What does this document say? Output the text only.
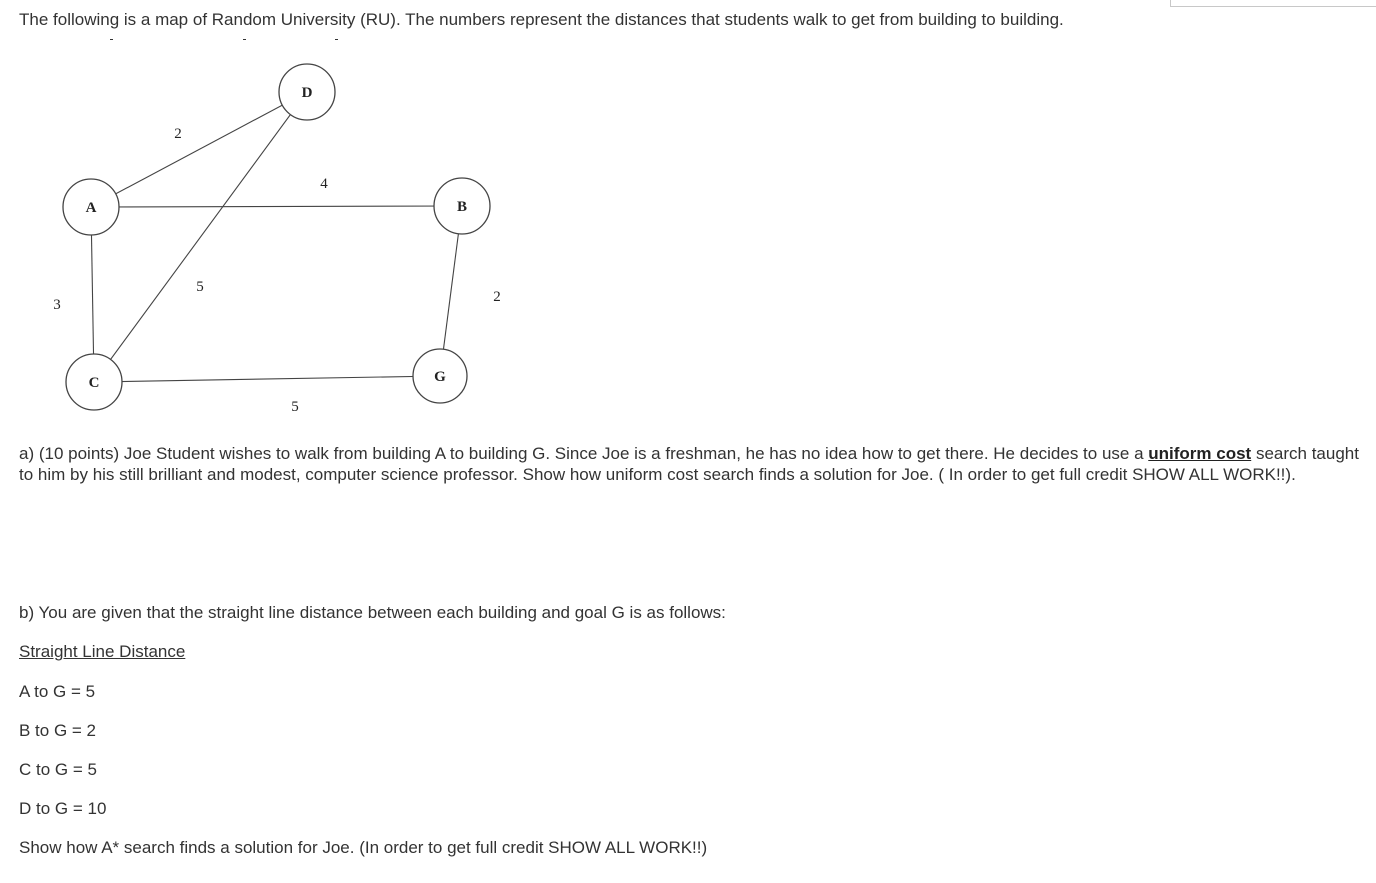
The following is a map of Random University (RU). The numbers represent the distances that students walk to get from building to building.
2
4
3
5
5
2
A	B
C
D
G
a) (10 points) Joe Student wishes to walk from building A to building G. Since Joe is a freshman, he has no idea how to get there. He decides to use a uniform cost search taught to him by his still brilliant and modest, computer science professor. Show how uniform cost search finds a solution for Joe. ( In order to get full credit SHOW ALL WORK!!).
b) You are given that the straight line distance between each building and goal G is as follows:
Straight Line Distance
A to G = 5
B to G = 2
C to G = 5
D to G = 10
Show how A* search finds a solution for Joe. (In order to get full credit SHOW ALL WORK!!)
